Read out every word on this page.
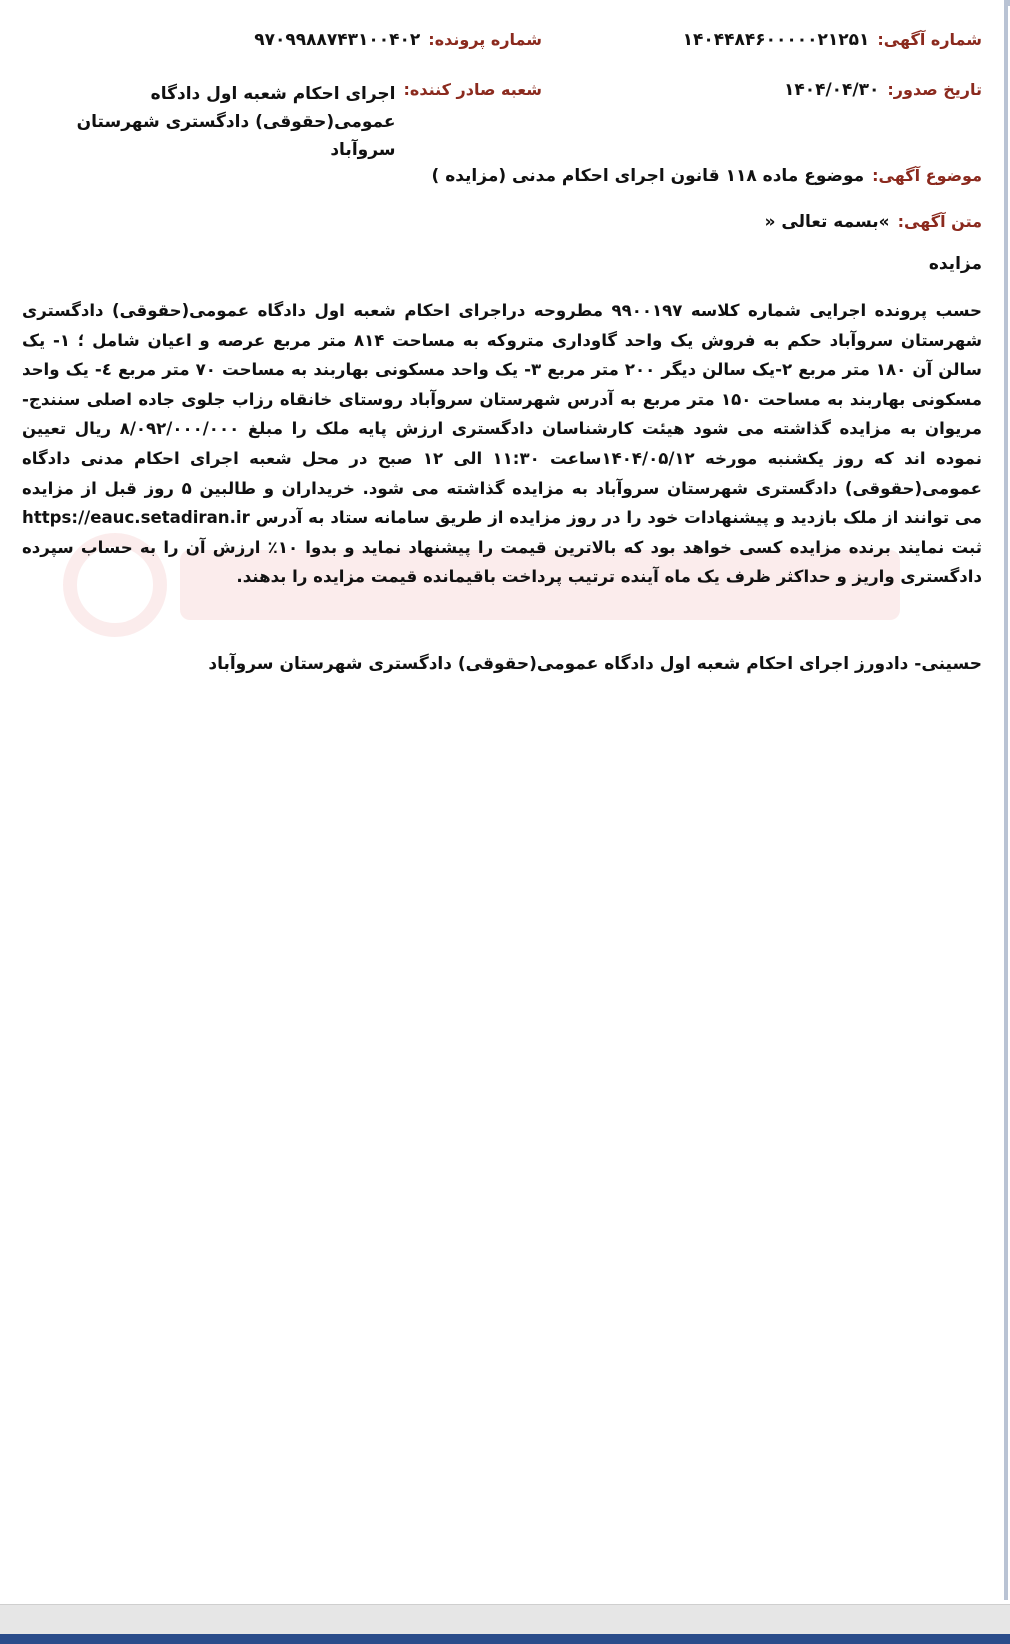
شماره آگهی:
۱۴۰۴۴۸۴۶۰۰۰۰۰۲۱۲۵۱
شماره پرونده:
۹۷۰۹۹۸۸۷۴۳۱۰۰۴۰۲
تاریخ صدور:
۱۴۰۴/۰۴/۳۰
شعبه صادر کننده:
اجرای احکام شعبه اول دادگاه عمومی(حقوقی) دادگستری شهرستان سروآباد
موضوع آگهی:
موضوع ماده ۱۱۸ قانون اجرای احکام مدنی (مزایده )
متن آگهی:
»بسمه تعالی «
مزایده
حسب پرونده اجرایی شماره کلاسه ۹۹۰۰۱۹۷ مطروحه دراجرای احکام شعبه اول دادگاه عمومی(حقوقی) دادگستری شهرستان سروآباد حکم به فروش یک واحد گاوداری متروکه به مساحت ۸۱۴ متر مربع عرصه و اعیان شامل ؛ ۱- یک سالن آن ۱۸۰ متر مربع ۲-یک سالن دیگر ۲۰۰ متر مربع ۳- یک واحد مسکونی بهاربند به مساحت ۷۰ متر مربع ٤- یک واحد مسکونی بهاربند به مساحت ۱۵۰ متر مربع به آدرس شهرستان سروآباد روستای خانقاه رزاب جلوی جاده اصلی سنندج- مریوان به مزایده گذاشته می شود هیئت کارشناسان دادگستری ارزش پایه ملک را مبلغ ۸/۰۹۲/۰۰۰/۰۰۰ ریال تعیین نموده اند که روز یکشنبه مورخه ۱۴۰۴/۰۵/۱۲ساعت ۱۱:۳۰ الی ۱۲ صبح در محل شعبه اجرای احکام مدنی دادگاه عمومی(حقوقی) دادگستری شهرستان سروآباد به مزایده گذاشته می شود. خریداران و طالبین ۵ روز قبل از مزایده می توانند از ملک بازدید و پیشنهادات خود را در روز مزایده از طریق سامانه ستاد به آدرس https://eauc.setadiran.ir ثبت نمایند برنده مزایده کسی خواهد بود که بالاترین قیمت را پیشنهاد نماید و بدوا ۱۰٪ ارزش آن را به حساب سپرده دادگستری واریز و حداکثر ظرف یک ماه آینده ترتیب پرداخت باقیمانده قیمت مزایده را بدهند.
حسینی- دادورز اجرای احکام شعبه اول دادگاه عمومی(حقوقی) دادگستری شهرستان سروآباد
